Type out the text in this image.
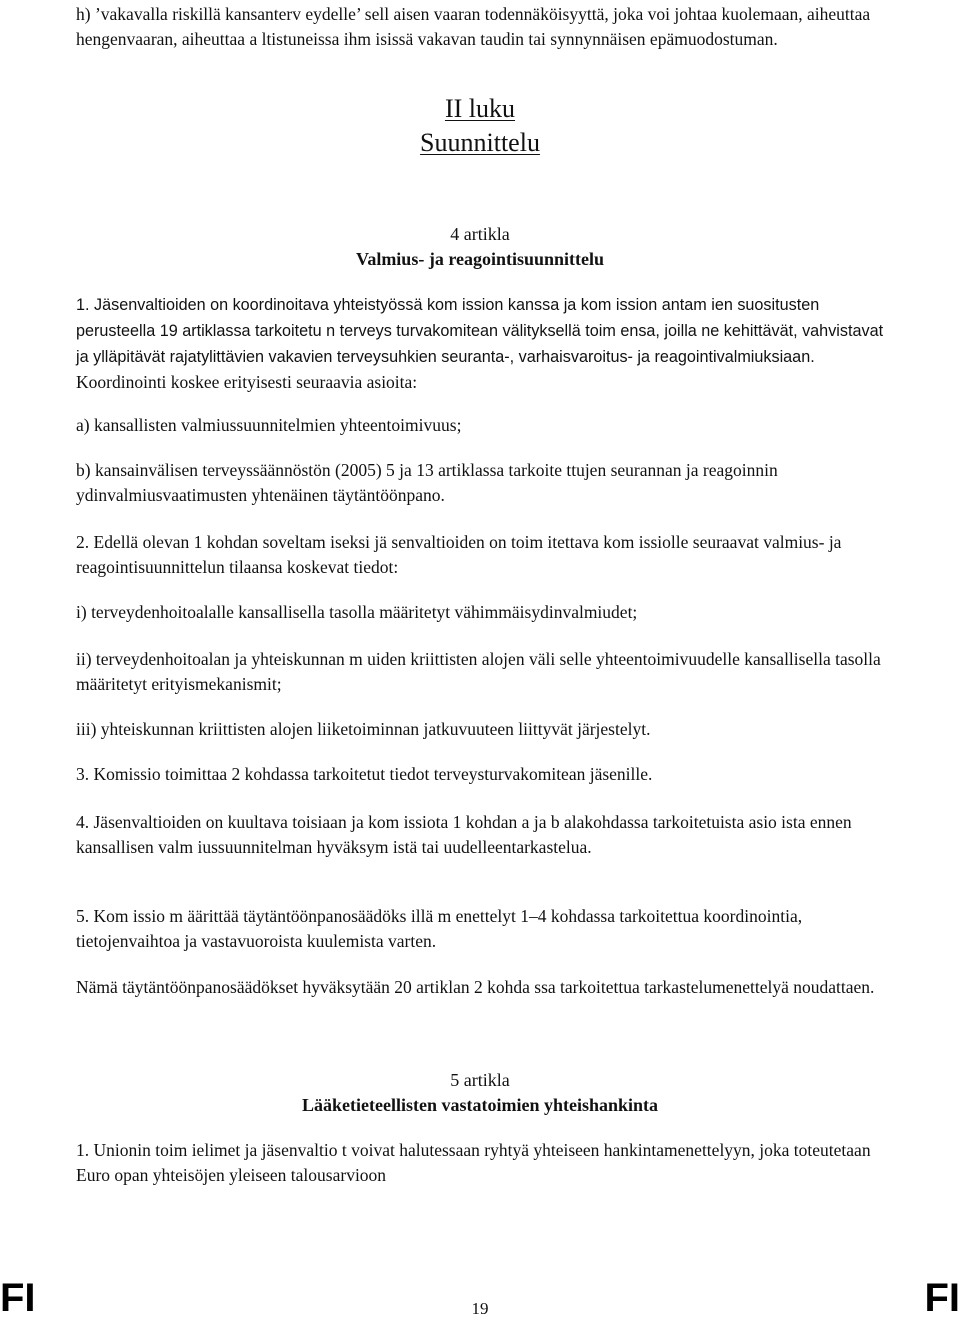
h) ’vakavalla riskillä kansanterv eydelle’ sell aisen vaaran todennäköisyyttä, joka voi johtaa kuolemaan, aiheuttaa hengenvaaran, aiheuttaa a ltistuneissa ihm isissä vakavan taudin tai synnynnäisen epämuodostuman.

II luku

Suunnittelu

4 artikla

Valmius- ja reagointisuunnittelu

1. Jäsenvaltioiden on koordinoitava yhteistyössä kom ission kanssa ja kom ission antam ien suositusten perusteella 19 artiklassa tarkoitetu n terveys turvakomitean välityksellä toim ensa, joilla ne kehittävät, vahvistavat ja ylläpitävät rajatylittävien vakavien terveysuhkien seuranta-, varhaisvaroitus- ja reagointivalmiuksiaan. Koordinointi koskee erityisesti seuraavia asioita:

a) kansallisten valmiussuunnitelmien yhteentoimivuus;

b) kansainvälisen terveyssäännöstön (2005) 5 ja 13 artiklassa tarkoite ttujen seurannan ja reagoinnin ydinvalmiusvaatimusten yhtenäinen täytäntöönpano.

2. Edellä olevan 1 kohdan soveltam iseksi jä senvaltioiden on toim itettava kom issiolle seuraavat valmius- ja reagointisuunnittelun tilaansa koskevat tiedot:

i) terveydenhoitoalalle kansallisella tasolla määritetyt vähimmäisydinvalmiudet;

ii) terveydenhoitoalan ja yhteiskunnan m uiden kriittisten alojen väli selle yhteentoimivuudelle kansallisella tasolla määritetyt erityismekanismit;

iii) yhteiskunnan kriittisten alojen liiketoiminnan jatkuvuuteen liittyvät järjestelyt.

3. Komissio toimittaa 2 kohdassa tarkoitetut tiedot terveysturvakomitean jäsenille.

4. Jäsenvaltioiden on kuultava toisiaan ja kom issiota 1 kohdan a ja b alakohdassa tarkoitetuista asio ista ennen kansallisen valm iussuunnitelman hyväksym istä tai uudelleentarkastelua.

5. Kom issio m äärittää täytäntöönpanosäädöks illä m enettelyt 1–4 kohdassa tarkoitettua koordinointia, tietojenvaihtoa ja vastavuoroista kuulemista varten.

Nämä täytäntöönpanosäädökset hyväksytään 20 artiklan 2 kohda ssa tarkoitettua tarkastelumenettelyä noudattaen.

5 artikla

Lääketieteellisten vastatoimien yhteishankinta

1. Unionin toim ielimet ja jäsenvaltio t voivat halutessaan ryhtyä yhteiseen hankintamenettelyyn, joka toteutetaan Euro opan yhteisöjen yleiseen talousarvioon

FI	19	FI
